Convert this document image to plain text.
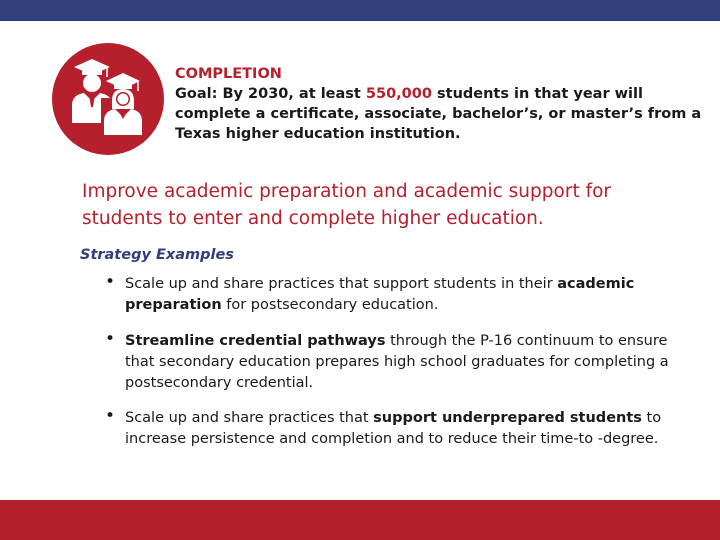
COMPLETION
Goal: By 2030, at least 550,000 students in that year will complete a certificate, associate, bachelor’s, or master’s from a Texas higher education institution.
Improve academic preparation and academic support for students to enter and complete higher education.
Strategy Examples
• Scale up and share practices that support students in their academic preparation for postsecondary education.
• Streamline credential pathways through the P-16 continuum to ensure that secondary education prepares high school graduates for completing a postsecondary credential.
• Scale up and share practices that support underprepared students to increase persistence and completion and to reduce their time-to -degree.
